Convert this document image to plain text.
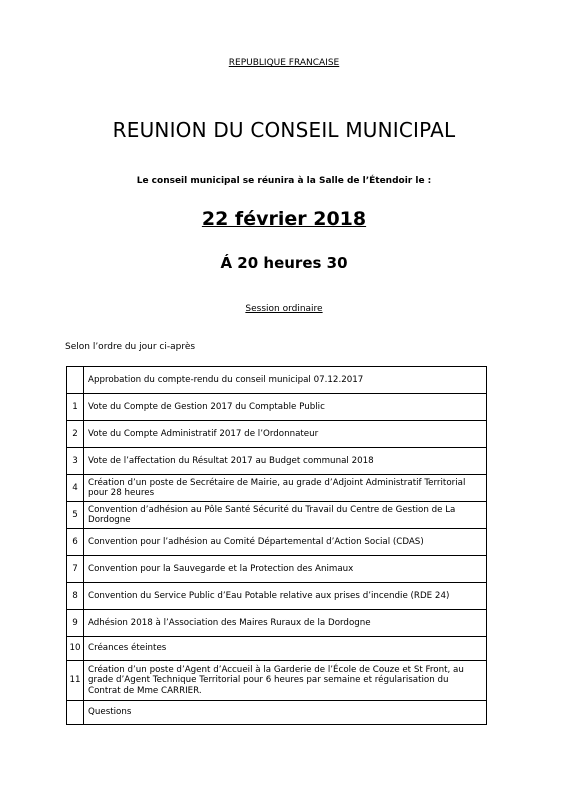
REPUBLIQUE FRANCAISE
REUNION DU CONSEIL MUNICIPAL
Le conseil municipal se réunira à la Salle de l’Étendoir le :
22 février 2018
Á 20 heures 30
Session ordinaire
Selon l’ordre du jour ci-après
	Approbation du compte-rendu du conseil municipal 07.12.2017
1	Vote du Compte de Gestion 2017 du Comptable Public
2	Vote du Compte Administratif 2017 de l’Ordonnateur
3	Vote de l’affectation du Résultat 2017 au Budget communal 2018
4	Création d’un poste de Secrétaire de Mairie, au grade d’Adjoint Administratif Territorial pour 28 heures
5	Convention d’adhésion au Pôle Santé Sécurité du Travail du Centre de Gestion de La Dordogne
6	Convention pour l’adhésion au Comité Départemental d’Action Social (CDAS)
7	Convention pour la Sauvegarde et la Protection des Animaux
8	Convention du Service Public d’Eau Potable relative aux prises d’incendie (RDE 24)
9	Adhésion 2018 à l’Association des Maires Ruraux de la Dordogne
10	Créances éteintes
11	Création d’un poste d’Agent d’Accueil à la Garderie de l’École de Couze et St Front, au grade d’Agent Technique Territorial pour 6 heures par semaine et régularisation du Contrat de Mme CARRIER.
	Questions
